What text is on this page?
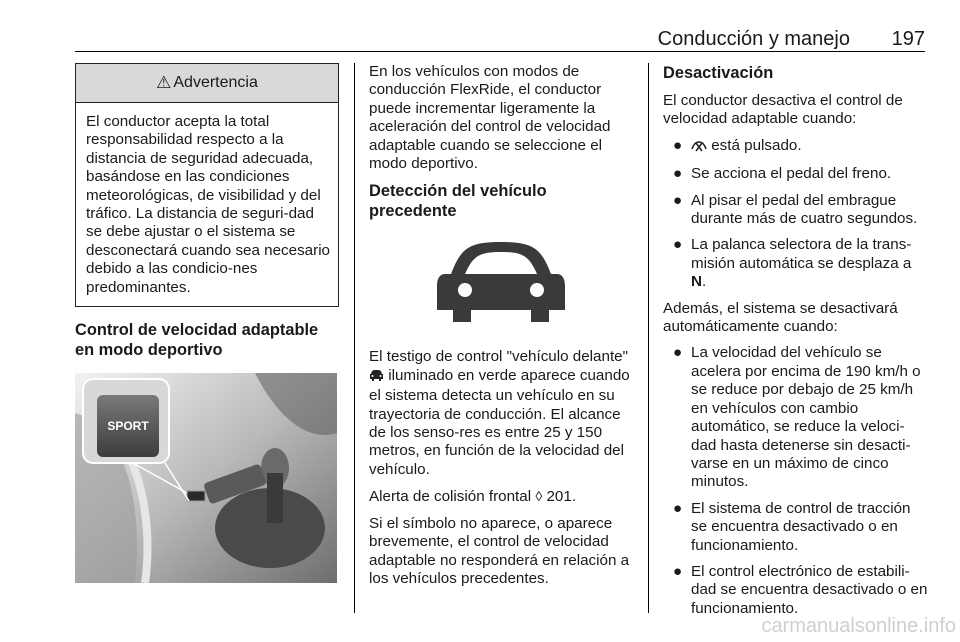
Conducción y manejo 197
⚠ Advertencia
El conductor acepta la total responsabilidad respecto a la distancia de seguridad adecuada, basándose en las condiciones meteorológicas, de visibilidad y del tráfico. La distancia de seguri-dad se debe ajustar o el sistema se desconectará cuando sea necesario debido a las condicio-nes predominantes.
Control de velocidad adaptable en modo deportivo
SPORT

En los vehículos con modos de conducción FlexRide, el conductor puede incrementar ligeramente la aceleración del control de velocidad adaptable cuando se seleccione el modo deportivo.

Detección del vehículo precedente

El testigo de control "vehículo delante"  iluminado en verde aparece cuando el sistema detecta un vehículo en su trayectoria de conducción. El alcance de los senso-res es entre 25 y 150 metros, en función de la velocidad del vehículo.

Alerta de colisión frontal ◊ 201.

Si el símbolo no aparece, o aparece brevemente, el control de velocidad adaptable no responderá en relación a los vehículos precedentes.

Desactivación

El conductor desactiva el control de velocidad adaptable cuando:

● está pulsado.
● Se acciona el pedal del freno.
● Al pisar el pedal del embrague durante más de cuatro segundos.
● La palanca selectora de la trans-misión automática se desplaza a N.

Además, el sistema se desactivará automáticamente cuando:

● La velocidad del vehículo se acelera por encima de 190 km/h o se reduce por debajo de 25 km/h en vehículos con cambio automático, se reduce la veloci-dad hasta detenerse sin desacti-varse en un máximo de cinco minutos.
● El sistema de control de tracción se encuentra desactivado o en funcionamiento.
● El control electrónico de estabili-dad se encuentra desactivado o en funcionamiento.
carmanualsonline.info
